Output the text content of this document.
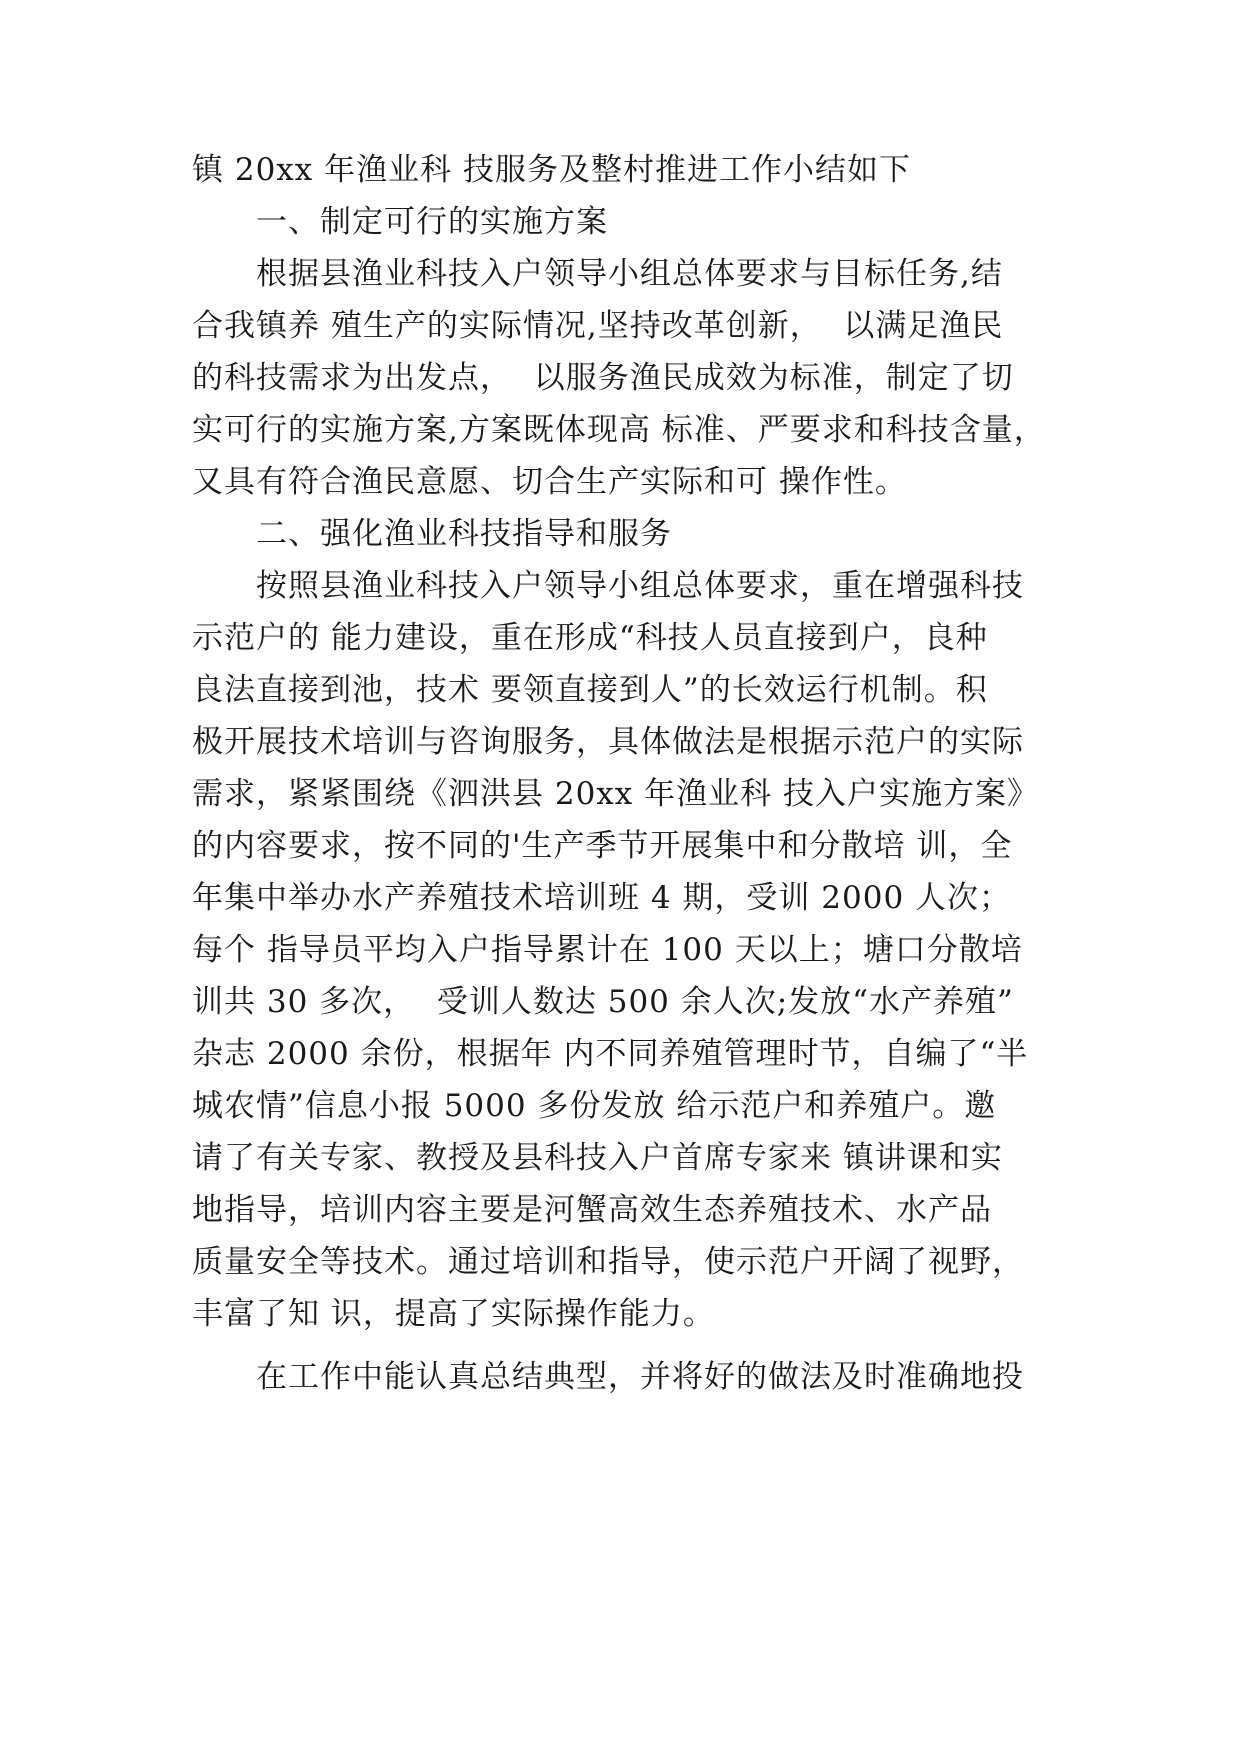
镇 20xx 年渔业科 技服务及整村推进工作小结如下
一、制定可行的实施方案
根据县渔业科技入户领导小组总体要求与目标任务,结
合我镇养 殖生产的实际情况,坚持改革创新，  以满足渔民
的科技需求为出发点，  以服务渔民成效为标准，制定了切
实可行的实施方案,方案既体现高 标准、严要求和科技含量，
又具有符合渔民意愿、切合生产实际和可 操作性。
二、强化渔业科技指导和服务
按照县渔业科技入户领导小组总体要求，重在增强科技
示范户的 能力建设，重在形成“科技人员直接到户，良种
良法直接到池，技术 要领直接到人”的长效运行机制。积
极开展技术培训与咨询服务，具体做法是根据示范户的实际
需求，紧紧围绕《泗洪县 20xx 年渔业科 技入户实施方案》
的内容要求，按不同的'生产季节开展集中和分散培 训，全
年集中举办水产养殖技术培训班 4 期，受训 2000 人次；
每个 指导员平均入户指导累计在 100 天以上；塘口分散培
训共 30 多次，  受训人数达 500 余人次;发放“水产养殖”
杂志 2000 余份，根据年 内不同养殖管理时节，自编了“半
城农情”信息小报 5000 多份发放 给示范户和养殖户。邀
请了有关专家、教授及县科技入户首席专家来 镇讲课和实
地指导，培训内容主要是河蟹高效生态养殖技术、水产品
质量安全等技术。通过培训和指导，使示范户开阔了视野，
丰富了知 识，提高了实际操作能力。
在工作中能认真总结典型，并将好的做法及时准确地投
